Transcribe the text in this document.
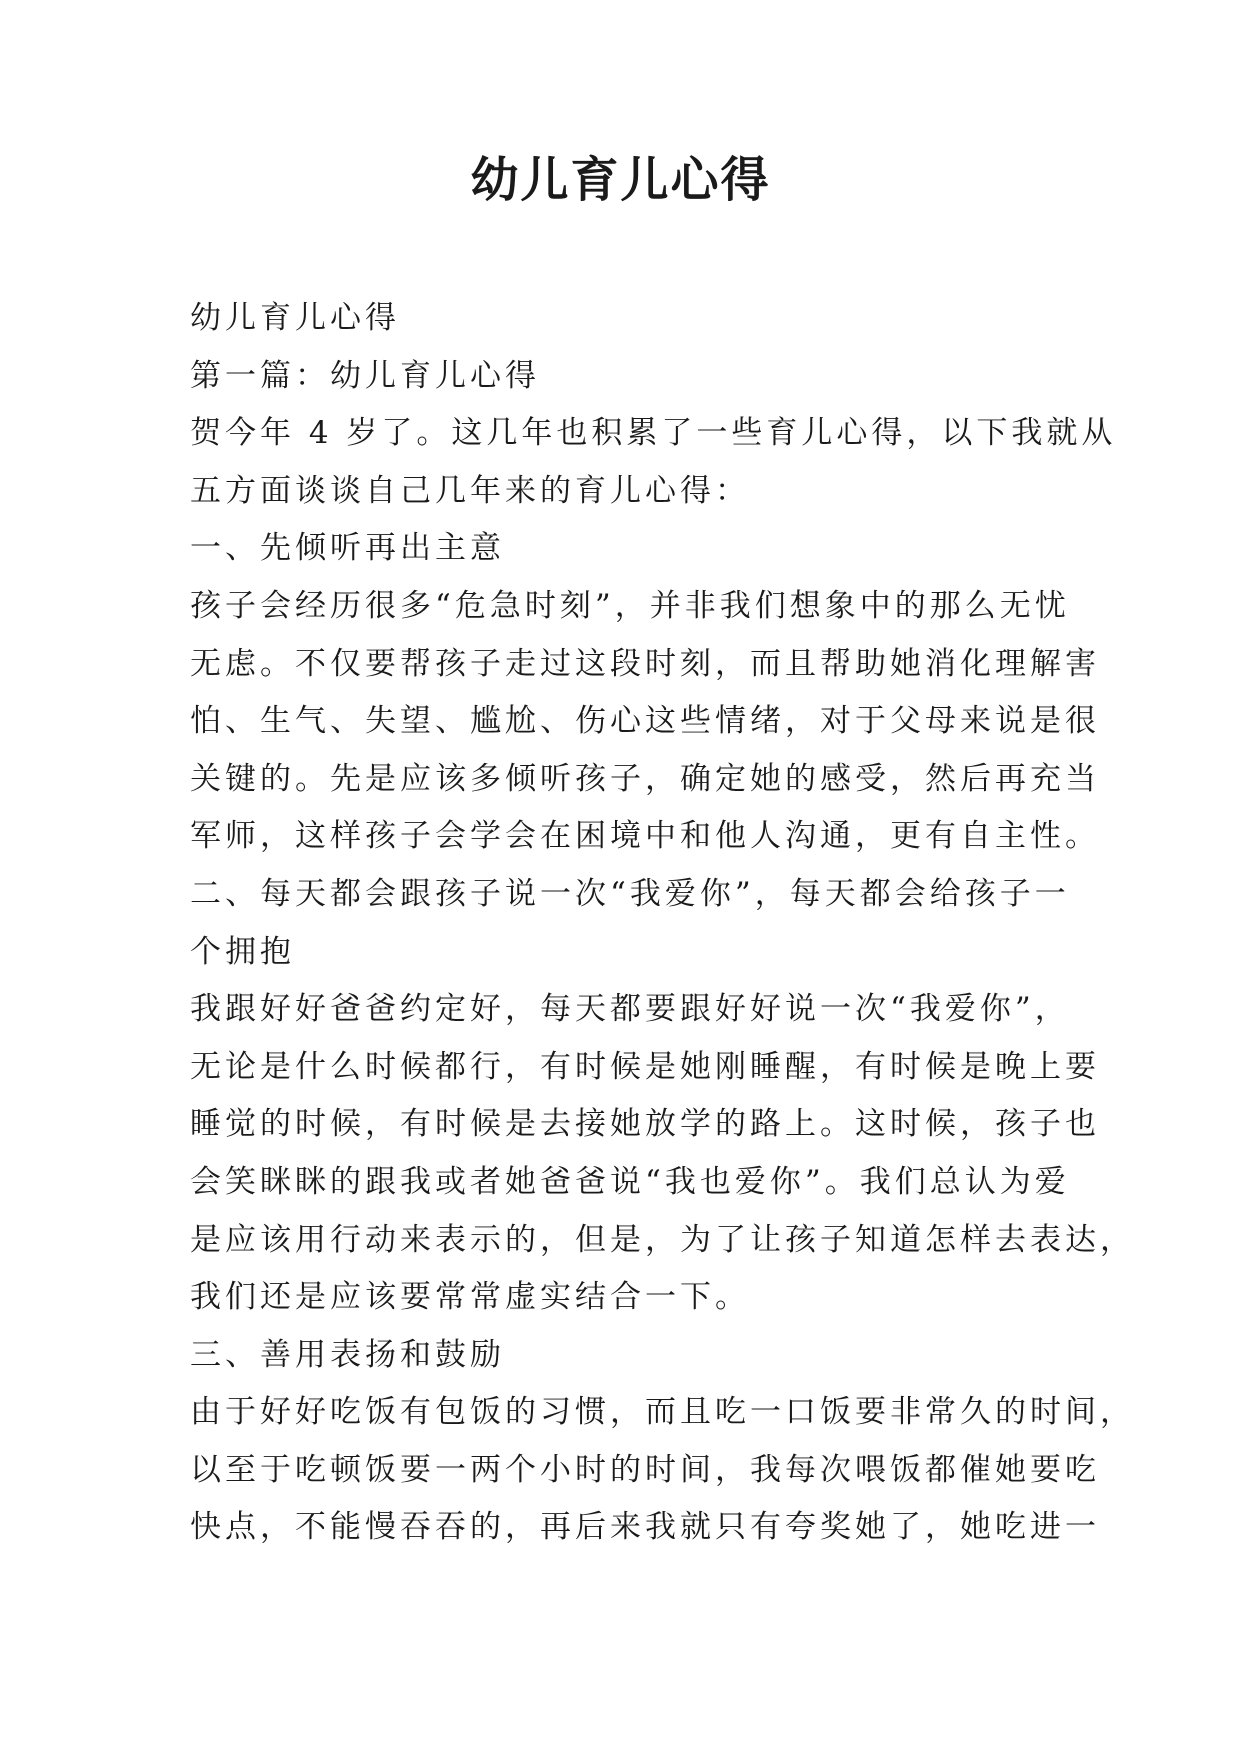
幼儿育儿心得
幼儿育儿心得
第一篇：幼儿育儿心得
贺今年 4 岁了。这几年也积累了一些育儿心得，以下我就从
五方面谈谈自己几年来的育儿心得：
一、先倾听再出主意
孩子会经历很多“危急时刻”，并非我们想象中的那么无忧
无虑。不仅要帮孩子走过这段时刻，而且帮助她消化理解害
怕、生气、失望、尴尬、伤心这些情绪，对于父母来说是很
关键的。先是应该多倾听孩子，确定她的感受，然后再充当
军师，这样孩子会学会在困境中和他人沟通，更有自主性。
二、每天都会跟孩子说一次“我爱你”，每天都会给孩子一
个拥抱
我跟好好爸爸约定好，每天都要跟好好说一次“我爱你”，
无论是什么时候都行，有时候是她刚睡醒，有时候是晚上要
睡觉的时候，有时候是去接她放学的路上。这时候，孩子也
会笑眯眯的跟我或者她爸爸说“我也爱你”。我们总认为爱
是应该用行动来表示的，但是，为了让孩子知道怎样去表达，
我们还是应该要常常虚实结合一下。
三、善用表扬和鼓励
由于好好吃饭有包饭的习惯，而且吃一口饭要非常久的时间，
以至于吃顿饭要一两个小时的时间，我每次喂饭都催她要吃
快点，不能慢吞吞的，再后来我就只有夸奖她了，她吃进一
